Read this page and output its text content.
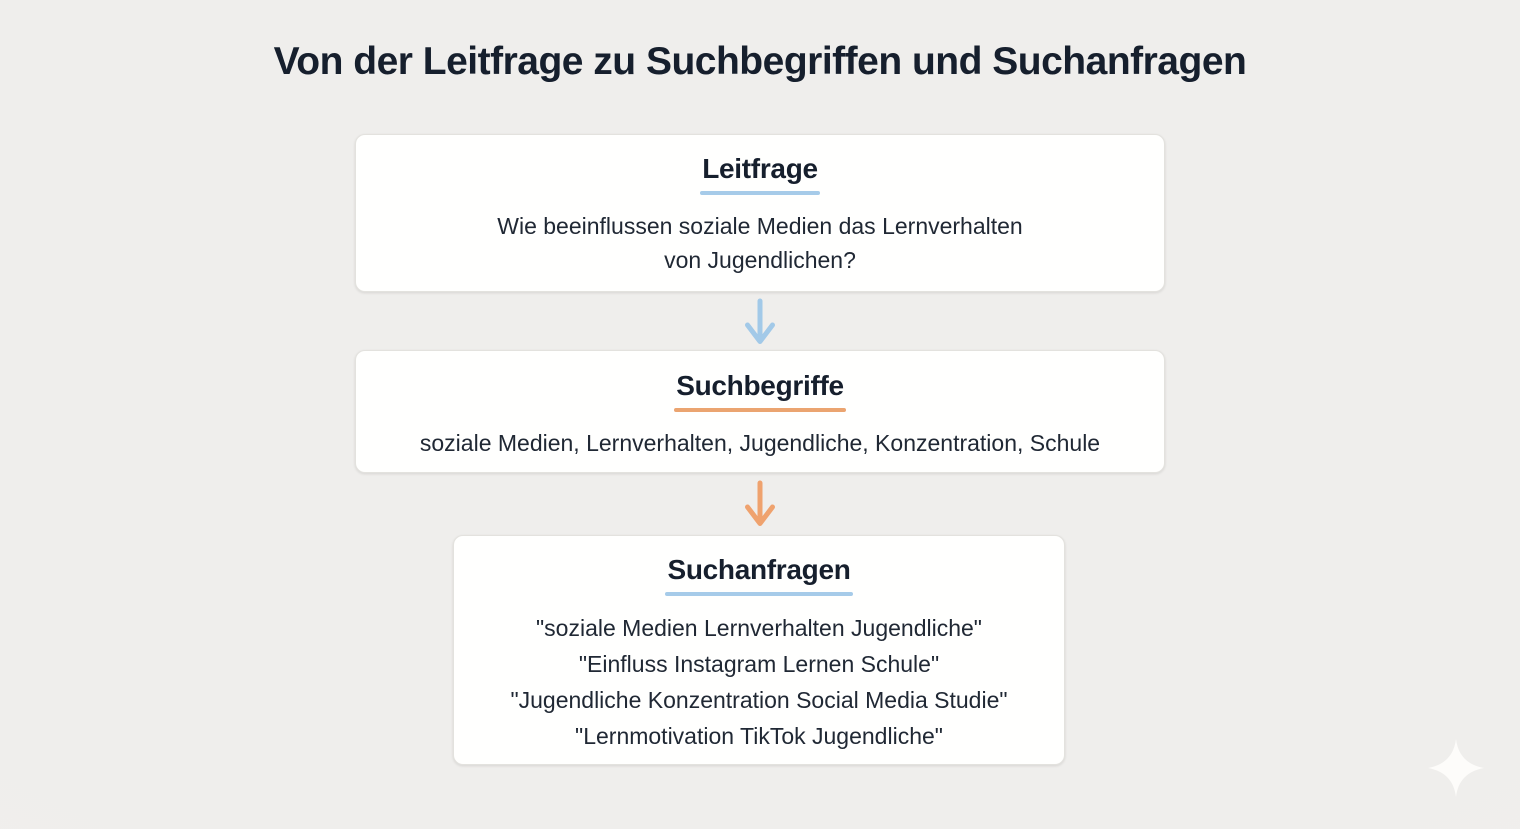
Von der Leitfrage zu Suchbegriffen und Suchanfragen
Leitfrage

Wie beeinflussen soziale Medien das Lernverhalten

von Jugendlichen?

Suchbegriffe

soziale Medien, Lernverhalten, Jugendliche, Konzentration, Schule

Suchanfragen

"soziale Medien Lernverhalten Jugendliche"

"Einfluss Instagram Lernen Schule"

"Jugendliche Konzentration Social Media Studie"

"Lernmotivation TikTok Jugendliche"
